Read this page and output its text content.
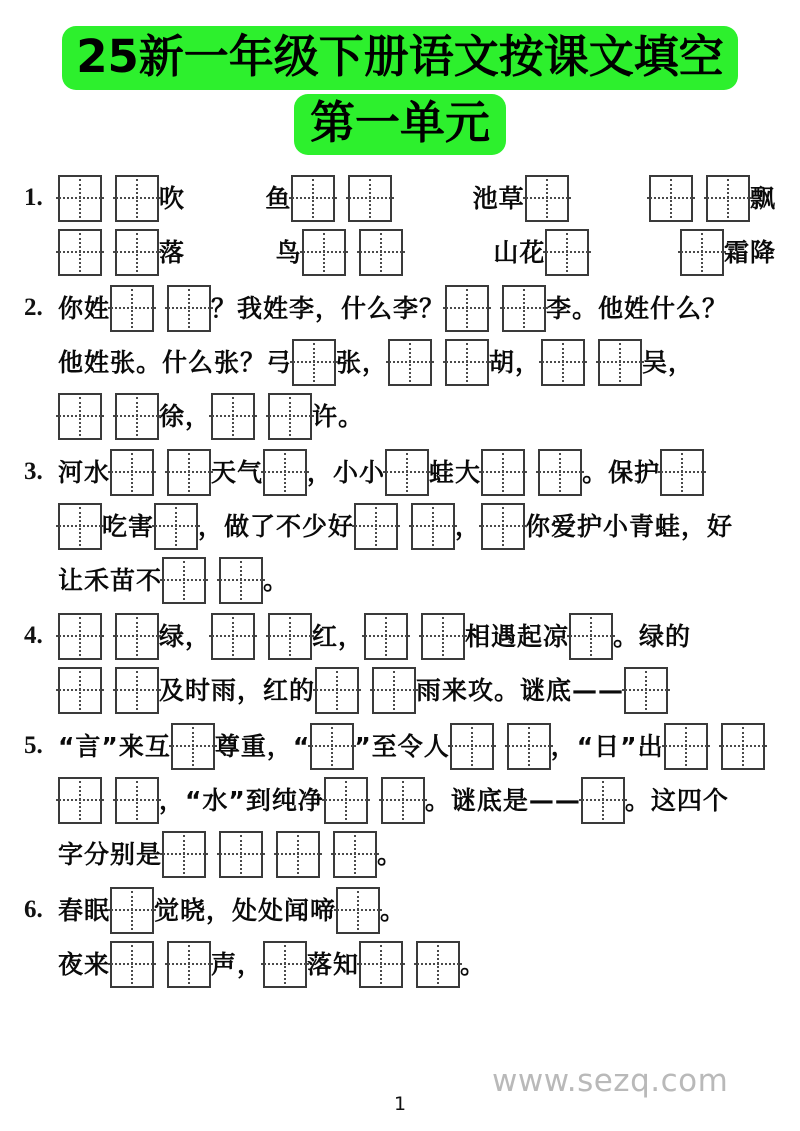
25新一年级下册语文按课文填空 第一单元
1.	吹	鱼	池草	飘
落	鸟	山花	霜降
2. 你姓	？我姓李，什么李？	李。他姓什么？
他姓张。什么张？弓 张，	胡，	吴，
徐，	许。
3. 河水	天气 ，小小 蛙大	。保护
吃害 ，做了不少好	， 你爱护小青蛙，好
让禾苗不	。
4.	绿，	红，	相遇起凉 。绿的
及时雨，红的	雨来攻。谜底——
5. “言”来互 尊重，“ ”至令人	，“日”出
，“水”到纯净	。谜底是—— 。这四个
字分别是	。
6. 春眠 觉晓，处处闻啼 。
夜来	声， 落知	。
www.sezq.com
1
